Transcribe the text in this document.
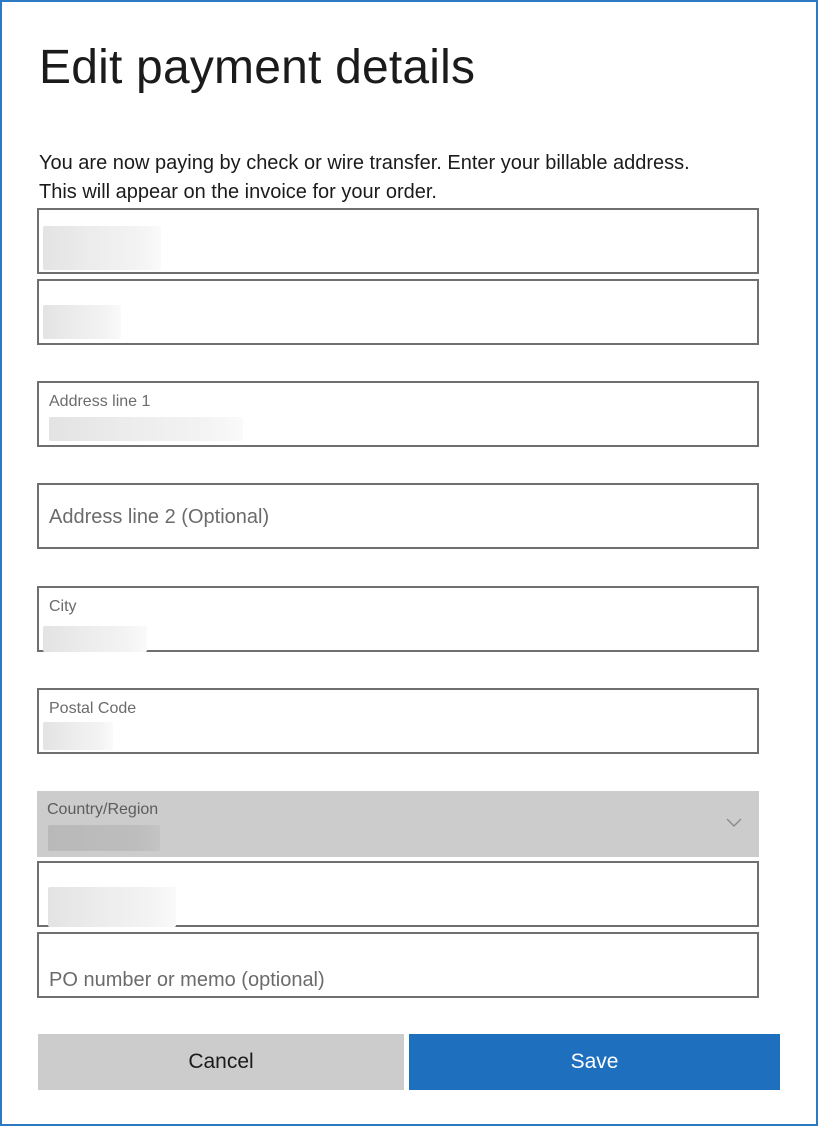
Edit payment details

You are now paying by check or wire transfer. Enter your billable address. This will appear on the invoice for your order.

Address line 1
Address line 2 (Optional)
City
Postal Code
Country/Region
PO number or memo (optional)
Cancel	Save
